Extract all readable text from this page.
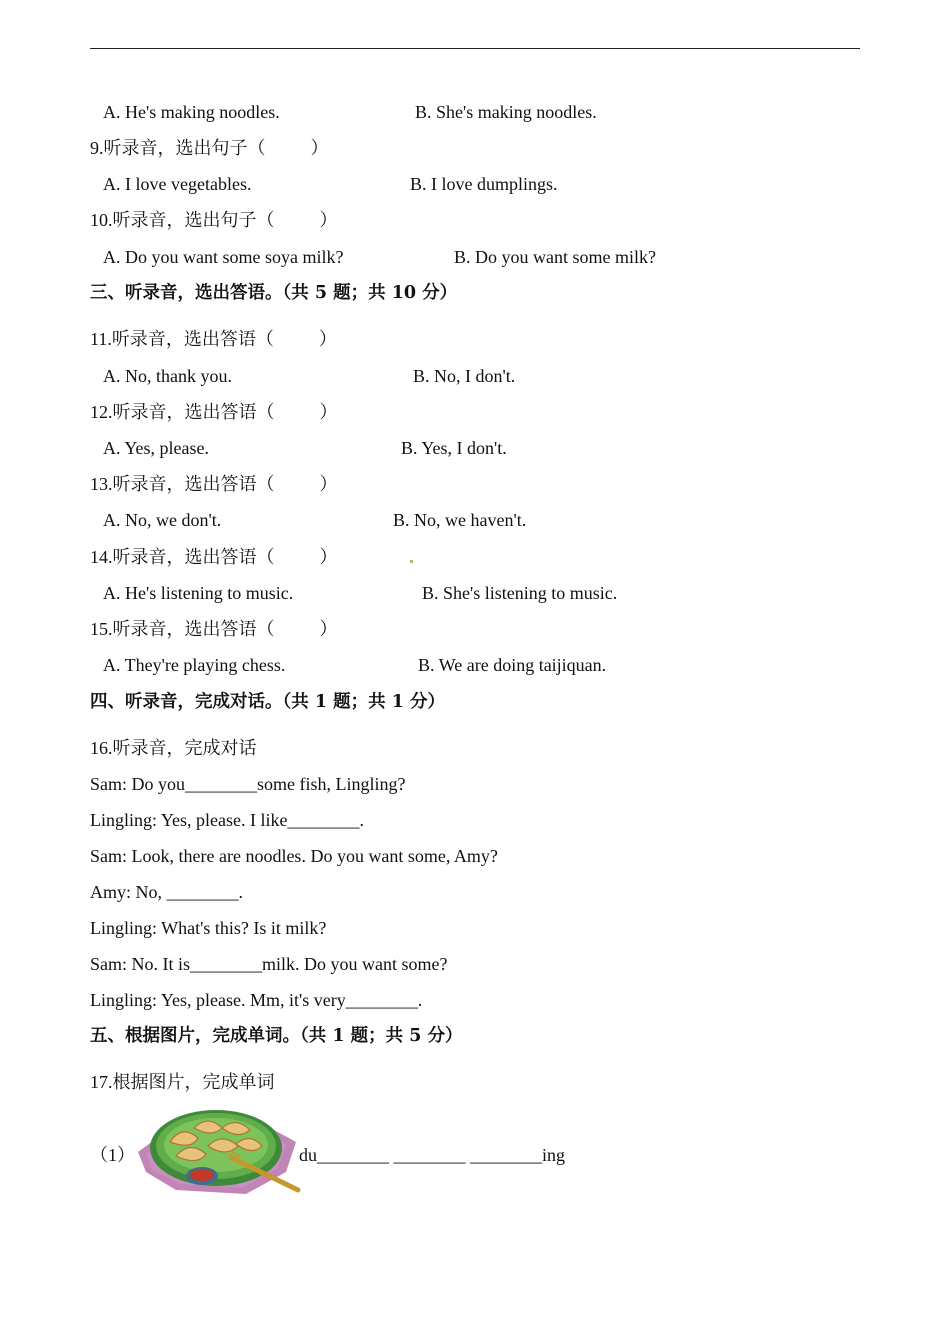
A. He's making noodles.	B. She's making noodles.
9.听录音，选出句子（          ）
A. I love vegetables.	B. I love dumplings.
10.听录音，选出句子（          ）
A. Do you want some soya milk?	B. Do you want some milk?
三、听录音，选出答语。（共 5 题；共 10 分）
11.听录音，选出答语（          ）
A. No, thank you.	B. No, I don't.
12.听录音，选出答语（          ）
A. Yes, please.	B. Yes, I don't.
13.听录音，选出答语（          ）
A. No, we don't.	B. No, we haven't.
14.听录音，选出答语（          ）
A. He's listening to music.	B. She's listening to music.
15.听录音，选出答语（          ）
A. They're playing chess.	B. We are doing taijiquan.
四、听录音，完成对话。（共 1 题；共 1 分）
16.听录音，完成对话
Sam: Do you________some fish, Lingling?
Lingling: Yes, please. I like________.
Sam: Look, there are noodles. Do you want some, Amy?
Amy: No, ________.
Lingling: What's this? Is it milk?
Sam: No. It is________milk. Do you want some?
Lingling: Yes, please. Mm, it's very________.
五、根据图片，完成单词。（共 1 题；共 5 分）
17.根据图片，完成单词
（1）	du________ ________ ________ing
